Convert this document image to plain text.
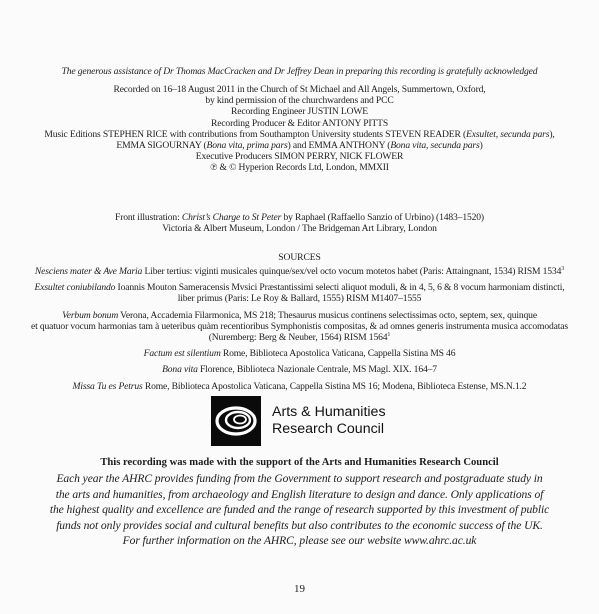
The generous assistance of Dr Thomas MacCracken and Dr Jeffrey Dean in preparing this recording is gratefully acknowledged
Recorded on 16–18 August 2011 in the Church of St Michael and All Angels, Summertown, Oxford,
by kind permission of the churchwardens and PCC
Recording Engineer JUSTIN LOWE
Recording Producer & Editor ANTONY PITTS
Music Editions STEPHEN RICE with contributions from Southampton University students STEVEN READER (Exsultet, secunda pars),
EMMA SIGOURNAY (Bona vita, prima pars) and EMMA ANTHONY (Bona vita, secunda pars)
Executive Producers SIMON PERRY, NICK FLOWER
℗ & © Hyperion Records Ltd, London, MMXII
Front illustration: Christ’s Charge to St Peter by Raphael (Raffaello Sanzio of Urbino) (1483–1520)
Victoria & Albert Museum, London / The Bridgeman Art Library, London
SOURCES
Nesciens mater & Ave Maria Liber tertius: viginti musicales quinque/sex/vel octo vocum motetos habet (Paris: Attaingnant, 1534) RISM 1534$^3$
Exsultet coniubilando Ioannis Mouton Sameracensis Mvsici Præstantissimi selecti aliquot moduli, & in 4, 5, 6 & 8 vocum harmoniam distincti,
liber primus (Paris: Le Roy & Ballard, 1555) RISM M1407–1555
Verbum bonum Verona, Accademia Filarmonica, MS 218; Thesaurus musicus continens selectissimas octo, septem, sex, quinque
et quatuor vocum harmonias tam à ueteribus quàm recentioribus Symphonistis compositas, & ad omnes generis instrumenta musica accomodatas
(Nuremberg: Berg & Neuber, 1564) RISM 1564$^1$
Factum est silentium Rome, Biblioteca Apostolica Vaticana, Cappella Sistina MS 46
Bona vita Florence, Biblioteca Nazionale Centrale, MS Magl. XIX. 164–7
Missa Tu es Petrus Rome, Biblioteca Apostolica Vaticana, Cappella Sistina MS 16; Modena, Biblioteca Estense, MS.N.1.2
Arts & Humanities
Research Council
This recording was made with the support of the Arts and Humanities Research Council
Each year the AHRC provides funding from the Government to support research and postgraduate study in
the arts and humanities, from archaeology and English literature to design and dance. Only applications of
the highest quality and excellence are funded and the range of research supported by this investment of public
funds not only provides social and cultural benefits but also contributes to the economic success of the UK.
For further information on the AHRC, please see our website www.ahrc.ac.uk
19
